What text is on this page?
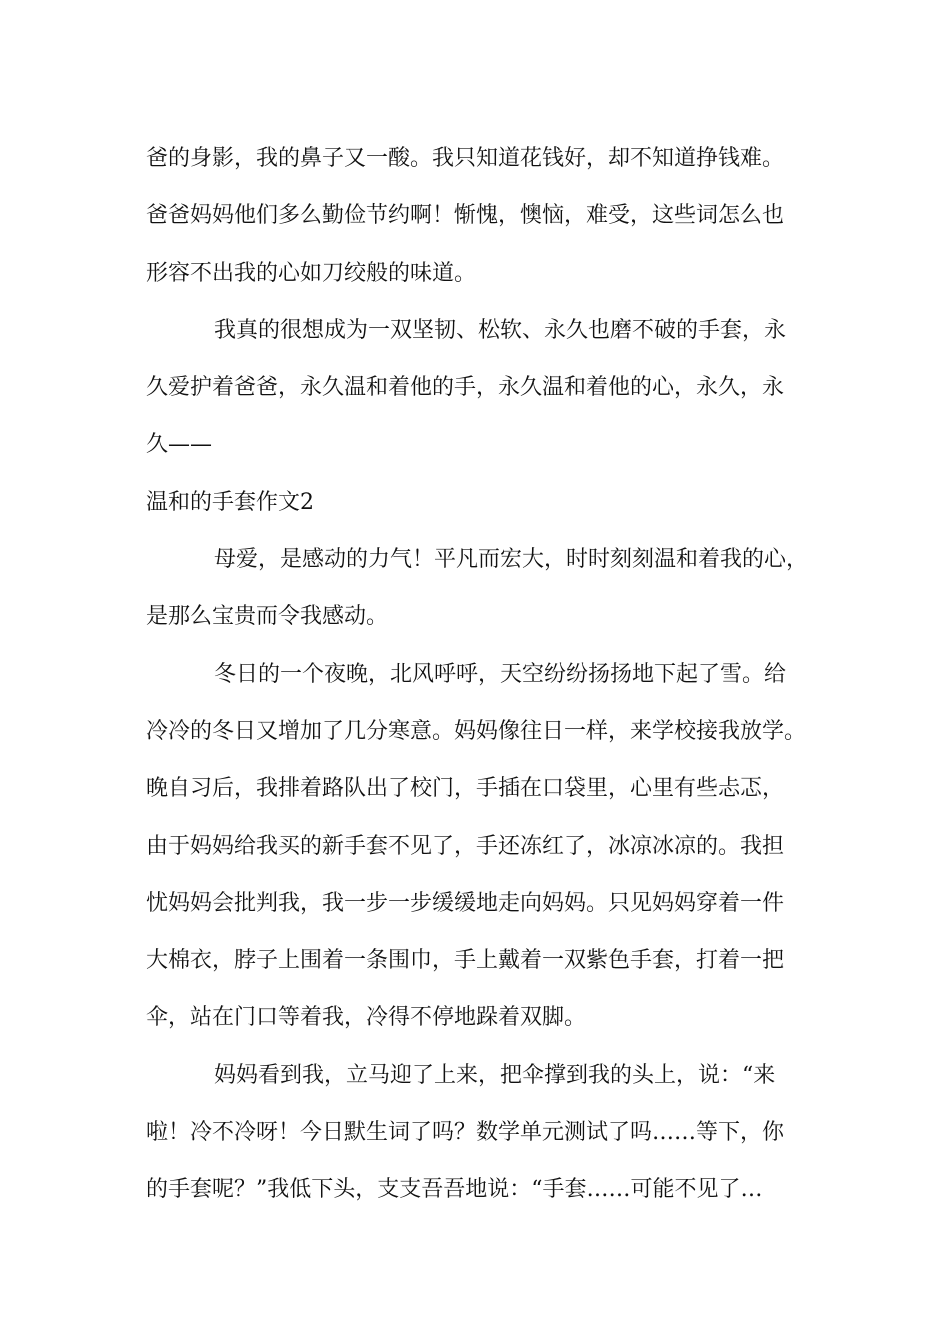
爸的身影，我的鼻子又一酸。我只知道花钱好，却不知道挣钱难。
爸爸妈妈他们多么勤俭节约啊！惭愧，懊恼，难受，这些词怎么也
形容不出我的心如刀绞般的味道。
我真的很想成为一双坚韧、松软、永久也磨不破的手套，永
久爱护着爸爸，永久温和着他的手，永久温和着他的心，永久，永
久——
温和的手套作文2
母爱，是感动的力气！平凡而宏大，时时刻刻温和着我的心，
是那么宝贵而令我感动。
冬日的一个夜晚，北风呼呼，天空纷纷扬扬地下起了雪。给
冷冷的冬日又增加了几分寒意。妈妈像往日一样，来学校接我放学。
晚自习后，我排着路队出了校门，手插在口袋里，心里有些忐忑，
由于妈妈给我买的新手套不见了，手还冻红了，冰凉冰凉的。我担
忧妈妈会批判我，我一步一步缓缓地走向妈妈。只见妈妈穿着一件
大棉衣，脖子上围着一条围巾，手上戴着一双紫色手套，打着一把
伞，站在门口等着我，冷得不停地跺着双脚。
妈妈看到我，立马迎了上来，把伞撑到我的头上，说：“来
啦！冷不冷呀！今日默生词了吗？数学单元测试了吗……等下，你
的手套呢？”我低下头，支支吾吾地说：“手套……可能不见了…
